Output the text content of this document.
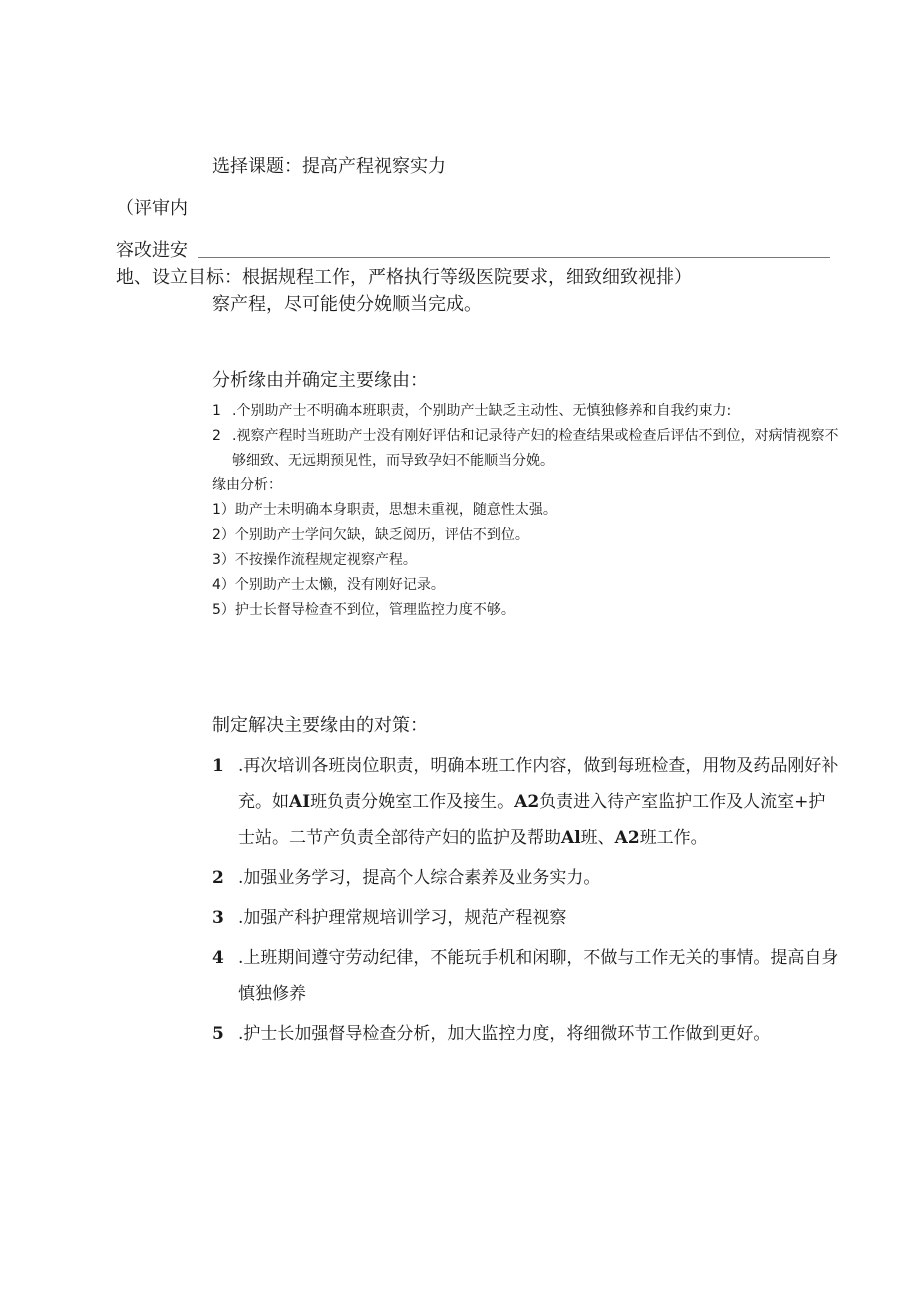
选择课题：提高产程视察实力
（评审内
容改进安
地、设立目标：根据规程工作，严格执行等级医院要求，细致细致视排）
察产程，尽可能使分娩顺当完成。
分析缘由并确定主要缘由：
1 .个别助产士不明确本班职责，个别助产士缺乏主动性、无慎独修养和自我约束力:
2 .视察产程时当班助产士没有刚好评估和记录待产妇的检查结果或检查后评估不到位，对病情视察不够细致、无远期预见性，而导致孕妇不能顺当分娩。
缘由分析：
1）助产士未明确本身职责，思想未重视，随意性太强。
2）个别助产士学问欠缺，缺乏阅历，评估不到位。
3）不按操作流程规定视察产程。
4）个别助产士太懒，没有刚好记录。
5）护士长督导检查不到位，管理监控力度不够。
制定解决主要缘由的对策：
1 .再次培训各班岗位职责，明确本班工作内容，做到每班检查，用物及药品刚好补充。如AI班负责分娩室工作及接生。A2负责进入待产室监护工作及人流室+护士站。二节产负责全部待产妇的监护及帮助Al班、A2班工作。
2 .加强业务学习，提高个人综合素养及业务实力。
3 .加强产科护理常规培训学习，规范产程视察
4 .上班期间遵守劳动纪律，不能玩手机和闲聊，不做与工作无关的事情。提高自身慎独修养
5 .护士长加强督导检查分析，加大监控力度，将细微环节工作做到更好。
